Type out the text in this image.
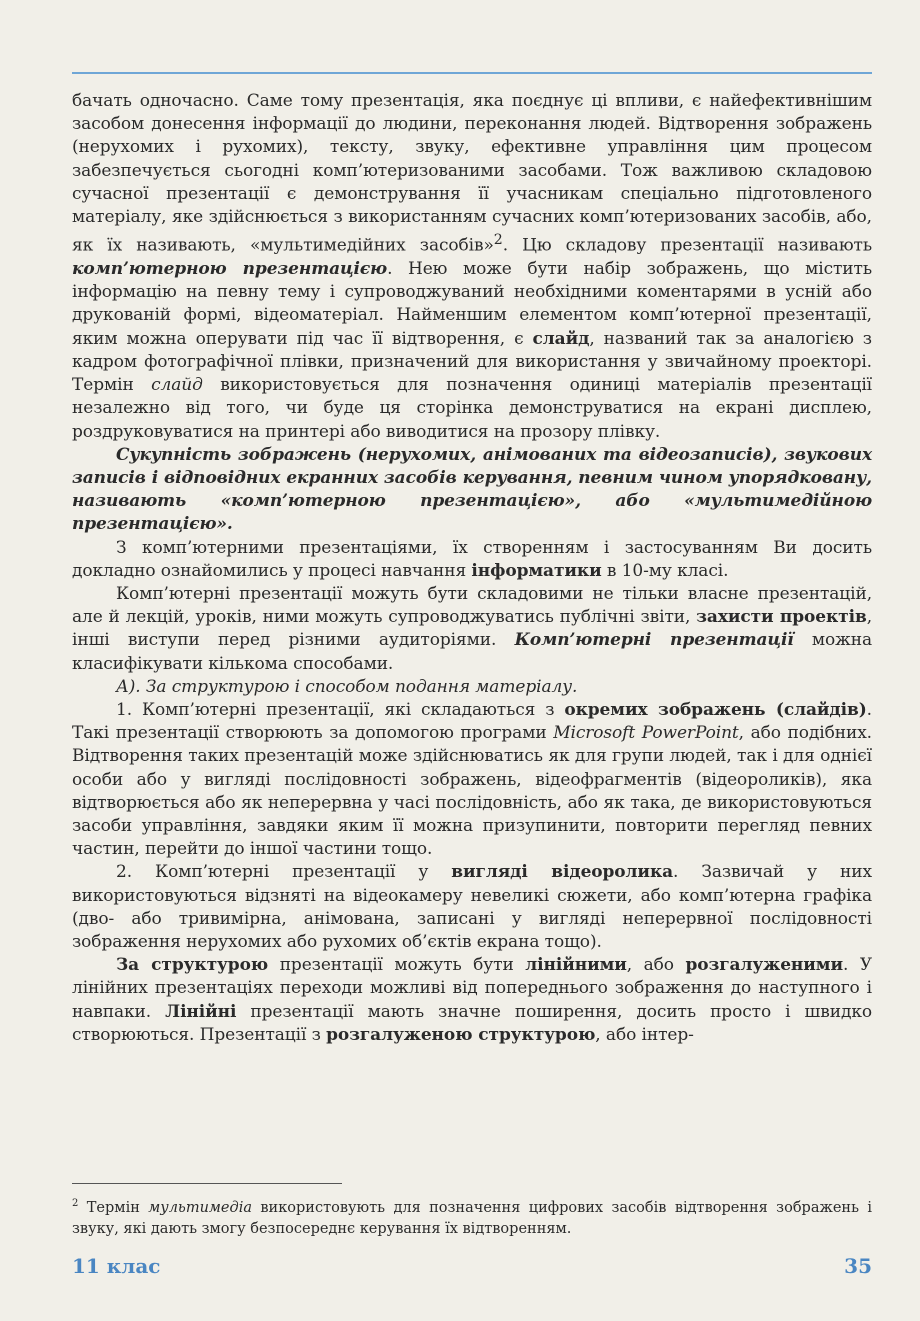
бачать одночасно. Саме тому презентація, яка поєднує ці впливи, є найефективнішим засобом донесення інформації до людини, переконання людей. Відтворення зображень (нерухомих і рухомих), тексту, звуку, ефективне управління цим процесом забезпечується сьогодні комп’ютеризованими засобами. Тож важливою складовою сучасної презентації є демонстрування її учасникам спеціально підготовленого матеріалу, яке здійснюється з використанням сучасних комп’ютеризованих засобів, або, як їх називають, «мультимедійних засобів»$^2$. Цю складову презентації називають комп’ютерною презентацією. Нею може бути набір зображень, що містить інформацію на певну тему і супроводжуваний необхідними коментарями в усній або друкованій формі, відеоматеріал. Найменшим елементом комп’ютерної презентації, яким можна оперувати під час її відтворення, є слайд, названий так за аналогією з кадром фотографічної плівки, призначений для використання у звичайному проекторі. Термін слайд використовується для позначення одиниці матеріалів презентації незалежно від того, чи буде ця сторінка демонструватися на екрані дисплею, роздруковуватися на принтері або виводитися на прозору плівку.

Сукупність зображень (нерухомих, анімованих та відеозаписів), звукових записів і відповідних екранних засобів керування, певним чином упорядковану, називають «комп’ютерною презентацією», або «мультимедійною презентацією».

З комп’ютерними презентаціями, їх створенням і застосуванням Ви досить докладно ознайомились у процесі навчання інформатики в 10-му класі.

Комп’ютерні презентації можуть бути складовими не тільки власне презентацій, але й лекцій, уроків, ними можуть супроводжуватись публічні звіти, захисти проектів, інші виступи перед різними аудиторіями. Комп’ютерні презентації можна класифікувати кількома способами.

А). За структурою і способом подання матеріалу.

1. Комп’ютерні презентації, які складаються з окремих зображень (слайдів). Такі презентації створюють за допомогою програми Microsoft PowerPoint, або подібних. Відтворення таких презентацій може здійснюватись як для групи людей, так і для однієї особи або у вигляді послідовності зображень, відеофрагментів (відеороликів), яка відтворюється або як неперервна у часі послідовність, або як така, де використовуються засоби управління, завдяки яким її можна призупинити, повторити перегляд певних частин, перейти до іншої частини тощо.

2. Комп’ютерні презентації у вигляді відеоролика. Зазвичай у них використовуються відзняті на відеокамеру невеликі сюжети, або комп’ютерна графіка (дво- або тривимірна, анімована, записані у вигляді неперервної послідовності зображення нерухомих або рухомих об’єктів екрана тощо).

За структурою презентації можуть бути лінійними, або розгалуженими. У лінійних презентаціях переходи можливі від попереднього зображення до наступного і навпаки. Лінійні презентації мають значне поширення, досить просто і швидко створюються. Презентації з розгалуженою структурою, або інтер-

$^2$ Термін мультимедіа використовують для позначення цифрових засобів відтворення зображень і звуку, які дають змогу безпосереднє керування їх відтворенням.
11 клас	35
